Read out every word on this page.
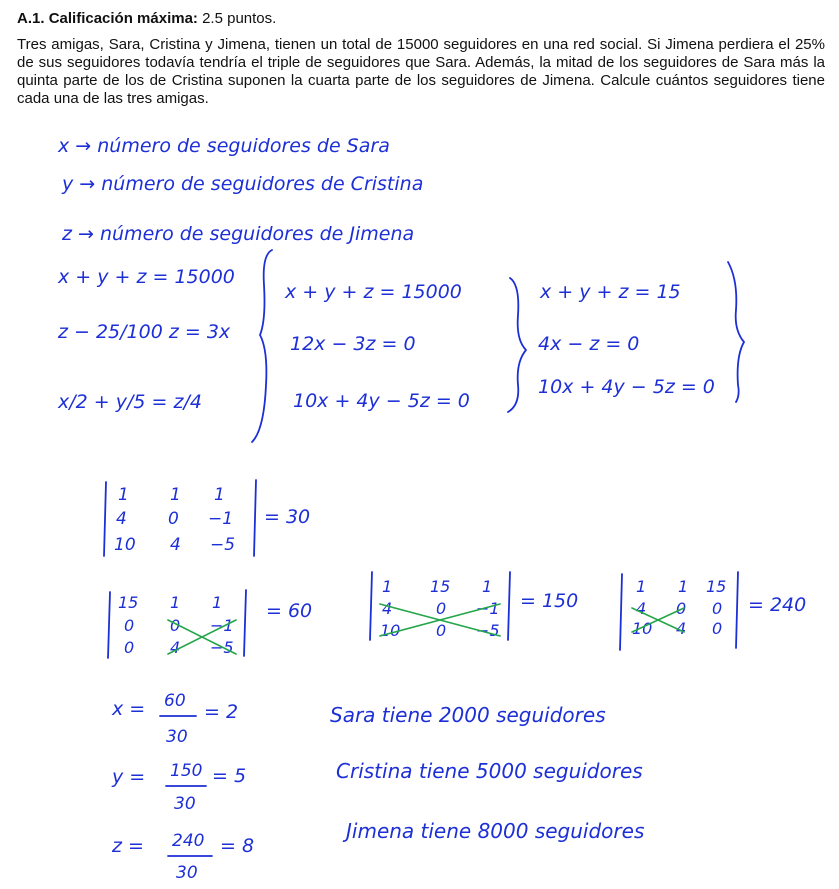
A.1. Calificación máxima: 2.5 puntos.
Tres amigas, Sara, Cristina y Jimena, tienen un total de 15000 seguidores en una red social. Si Jimena perdiera el 25% de sus seguidores todavía tendría el triple de seguidores que Sara. Además, la mitad de los seguidores de Sara más la quinta parte de los de Cristina suponen la cuarta parte de los seguidores de Jimena. Calcule cuántos seguidores tiene cada una de las tres amigas.
x → número de seguidores de Sara
y → número de seguidores de Cristina
z → número de seguidores de Jimena
x + y + z = 15000
z − 25/100 z = 3x
x/2 + y/5 = z/4
x + y + z = 15000
12x − 3z = 0
10x + 4y − 5z = 0
x + y + z = 15
4x − z = 0
10x + 4y − 5z = 0
1 1 1
4 0 −1
10 4 −5
= 30
15 1 1
0 0 −1
0 4 −5
= 60
1 15 1
4	0 −1
10 0 −5
= 150
1 1 15
4 0 0
10 4 0
= 240
x = 60
30
= 2
y = 150
30
= 5
z = 240
30
= 8
Sara tiene 2000 seguidores
Cristina tiene 5000 seguidores
Jimena tiene 8000 seguidores
